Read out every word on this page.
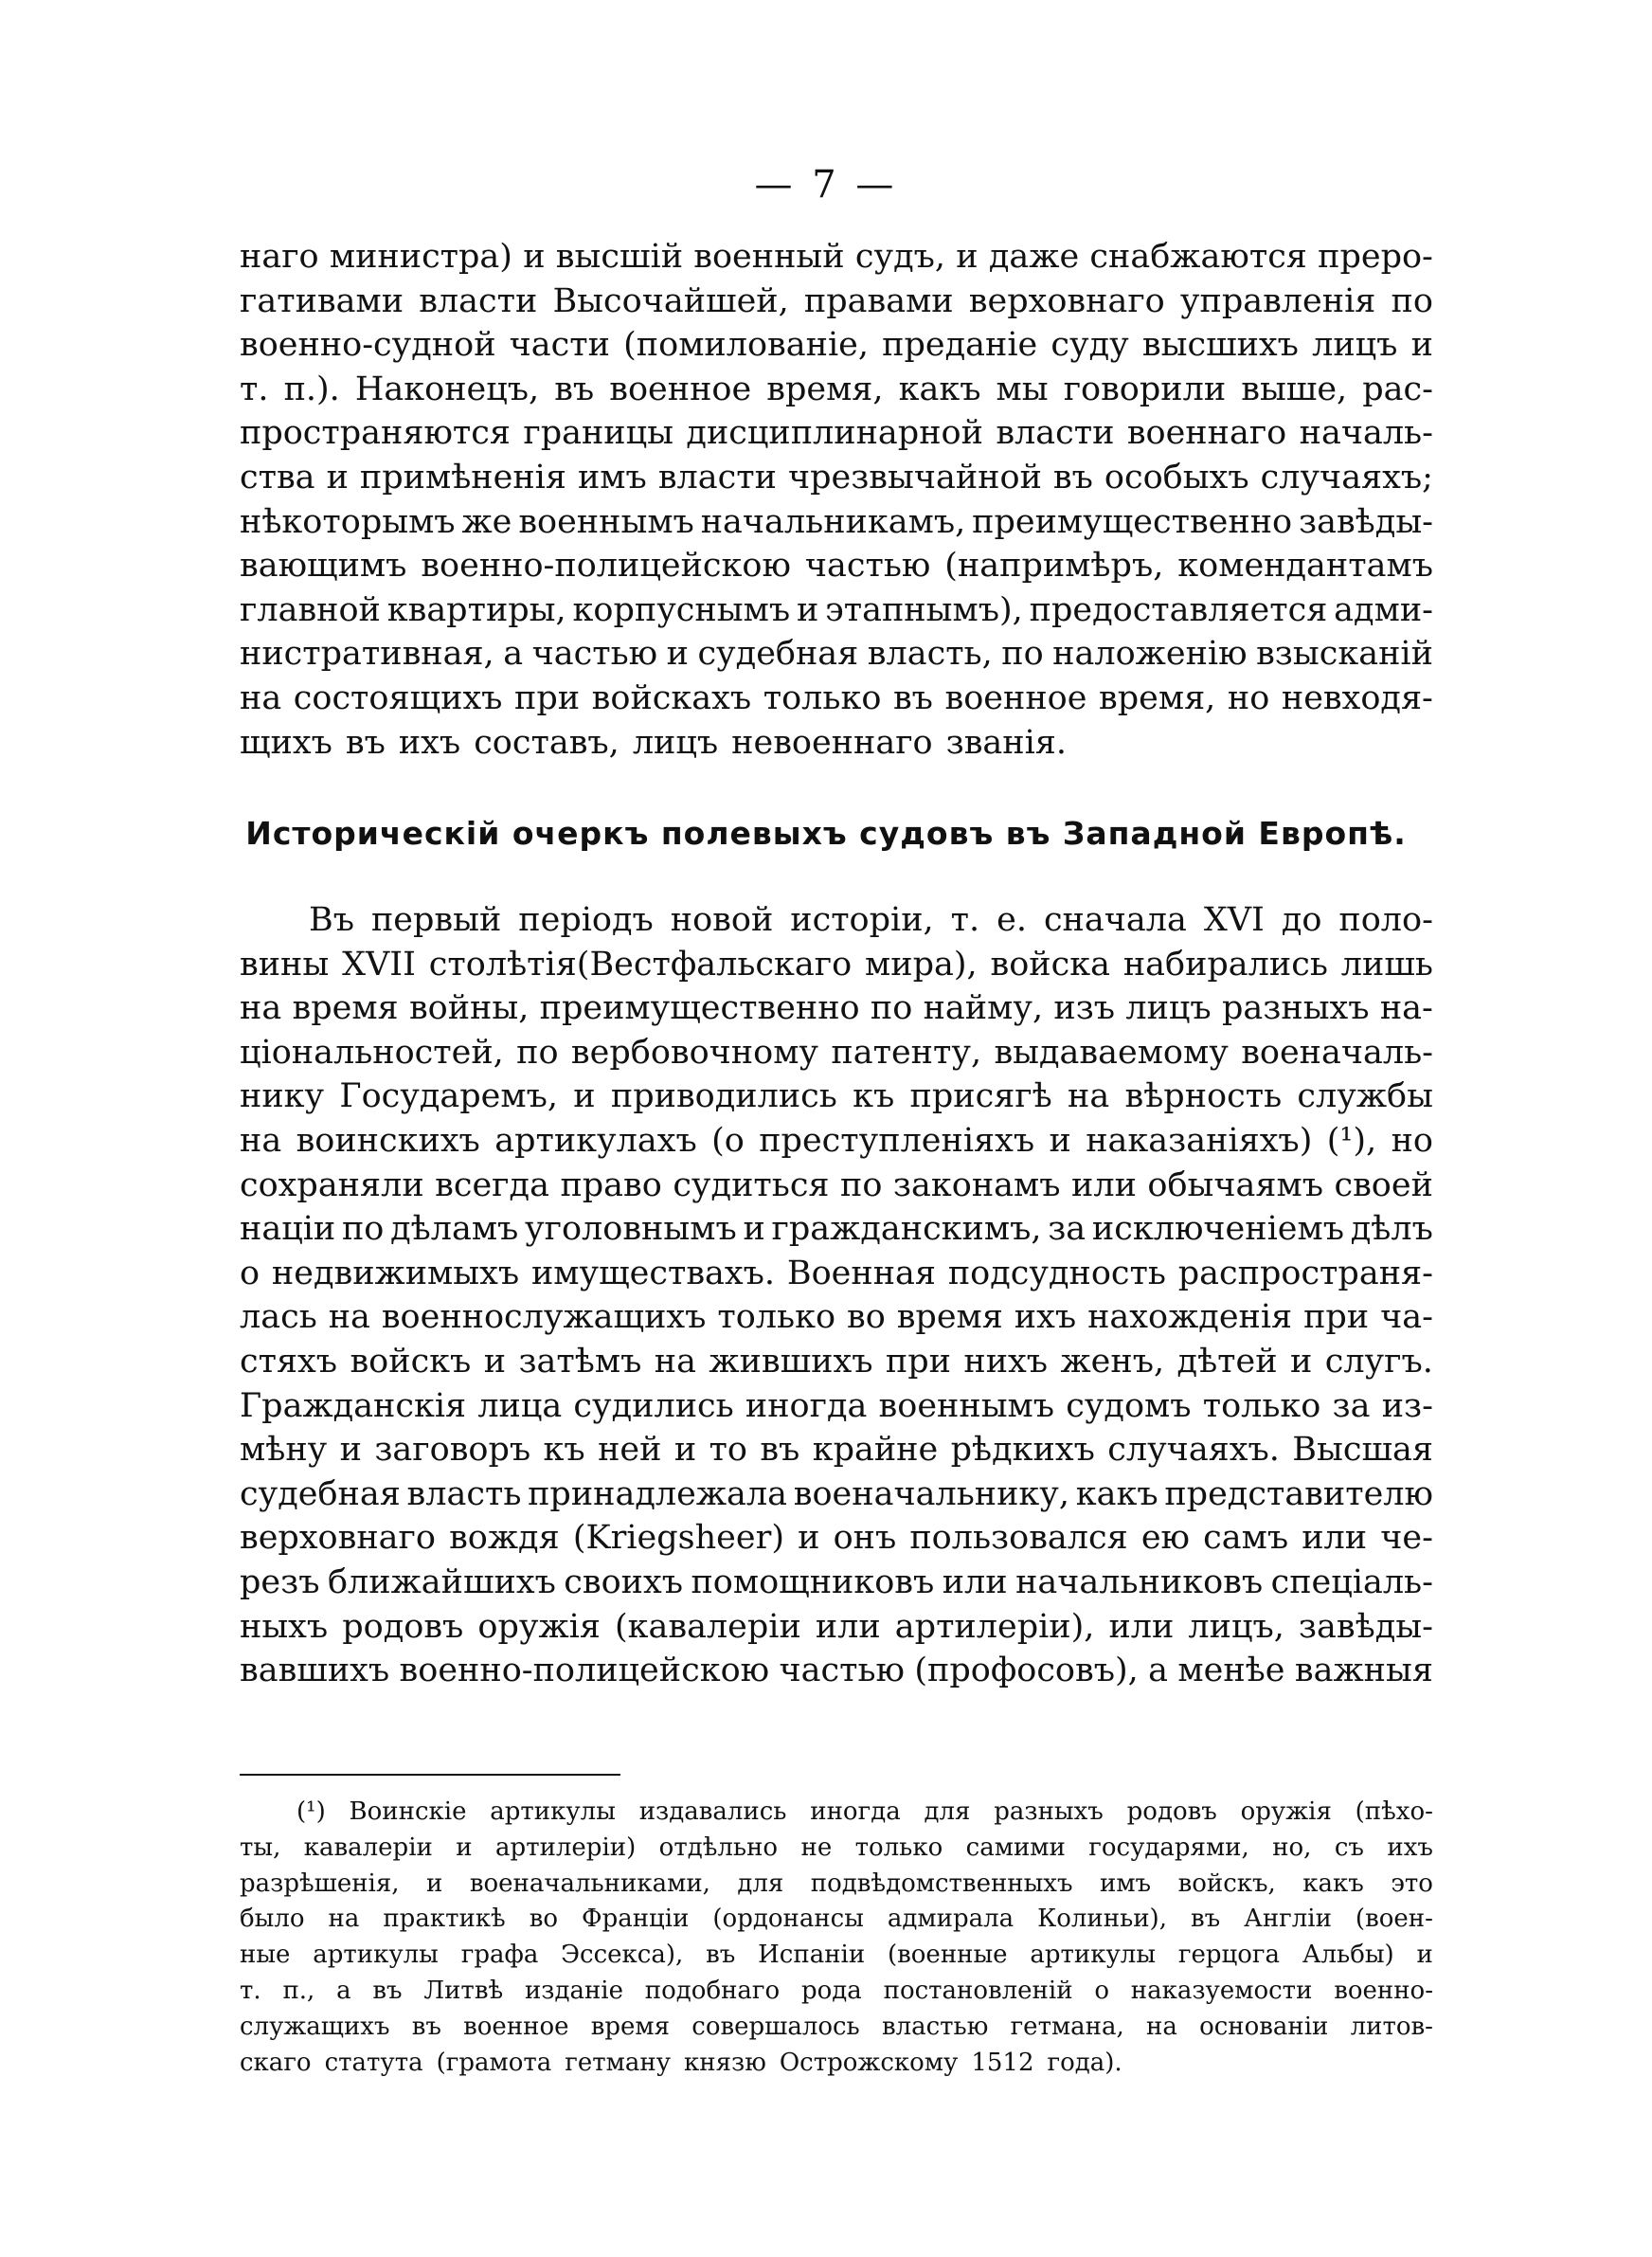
— 7 —
наго министра) и высшій военный судъ, и даже снабжаются прерo-
гативами власти Высочайшей, правами верховнаго управленія по
военно-судной части (помилованіе, преданіе суду высшихъ лицъ и
т. п.). Наконецъ, въ военное время, какъ мы говорили выше, рас-
пространяются границы дисциплинарной власти военнаго началь-
ства и примѣненія имъ власти чрезвычайной въ особыхъ случаяхъ;
нѣкоторымъ же военнымъ начальникамъ, преимущественно завѣды-
вающимъ военно-полицейскою частью (напримѣръ, комендантамъ
главной квартиры, корпуснымъ и этапнымъ), предоставляется адми-
нистративная, а частью и судебная власть, по наложенію взысканій
на состоящихъ при войскахъ только въ военное время, но невходя-
щихъ въ ихъ составъ, лицъ невоеннаго званія.
Историческій очеркъ полевыхъ судовъ въ Западной Европѣ.
Въ первый періодъ новой исторіи, т. е. сначала XVI до поло-
вины XVII столѣтія(Вестфальскаго мира), войска набирались лишь
на время войны, преимущественно по найму, изъ лицъ разныхъ на-
ціональностей, по вербовочному патенту, выдаваемому военачаль-
нику Государемъ, и приводились къ присягѣ на вѣрность службы
на воинскихъ артикулахъ (о преступленіяхъ и наказаніяхъ) (¹), но
сохраняли всегда право судиться по законамъ или обычаямъ своей
націи по дѣламъ уголовнымъ и гражданскимъ, за исключеніемъ дѣлъ
о недвижимыхъ имуществахъ. Военная подсудность распространя-
лась на военнослужащихъ только во время ихъ нахожденія при ча-
стяхъ войскъ и затѣмъ на жившихъ при нихъ женъ, дѣтей и слугъ.
Гражданскія лица судились иногда военнымъ судомъ только за из-
мѣну и заговоръ къ ней и то въ крайне рѣдкихъ случаяхъ. Высшая
судебная власть принадлежала военачальнику, какъ представителю
верховнаго вождя (Kriegsheer) и онъ пользовался ею самъ или че-
резъ ближайшихъ своихъ помощниковъ или начальниковъ спеціаль-
ныхъ родовъ оружія (кавалеріи или артилеріи), или лицъ, завѣды-
вавшихъ военно-полицейскою частью (профосовъ), а менѣе важныя
(¹) Воинскіе артикулы издавались иногда для разныхъ родовъ оружія (пѣхо-
ты, кавалеріи и артилеріи) отдѣльно не только самими государями, но, съ ихъ
разрѣшенія, и военачальниками, для подвѣдомственныхъ имъ войскъ, какъ это
было на практикѣ во Франціи (ордонансы адмирала Колиньи), въ Англіи (воен-
ные артикулы графа Эссекса), въ Испаніи (военные артикулы герцога Альбы) и
т. п., а въ Литвѣ изданіе подобнаго рода постановленій о наказуемости военно-
служащихъ въ военное время совершалось властью гетмана, на основаніи литов-
скаго статута (грамота гетману князю Острожскому 1512 года).
